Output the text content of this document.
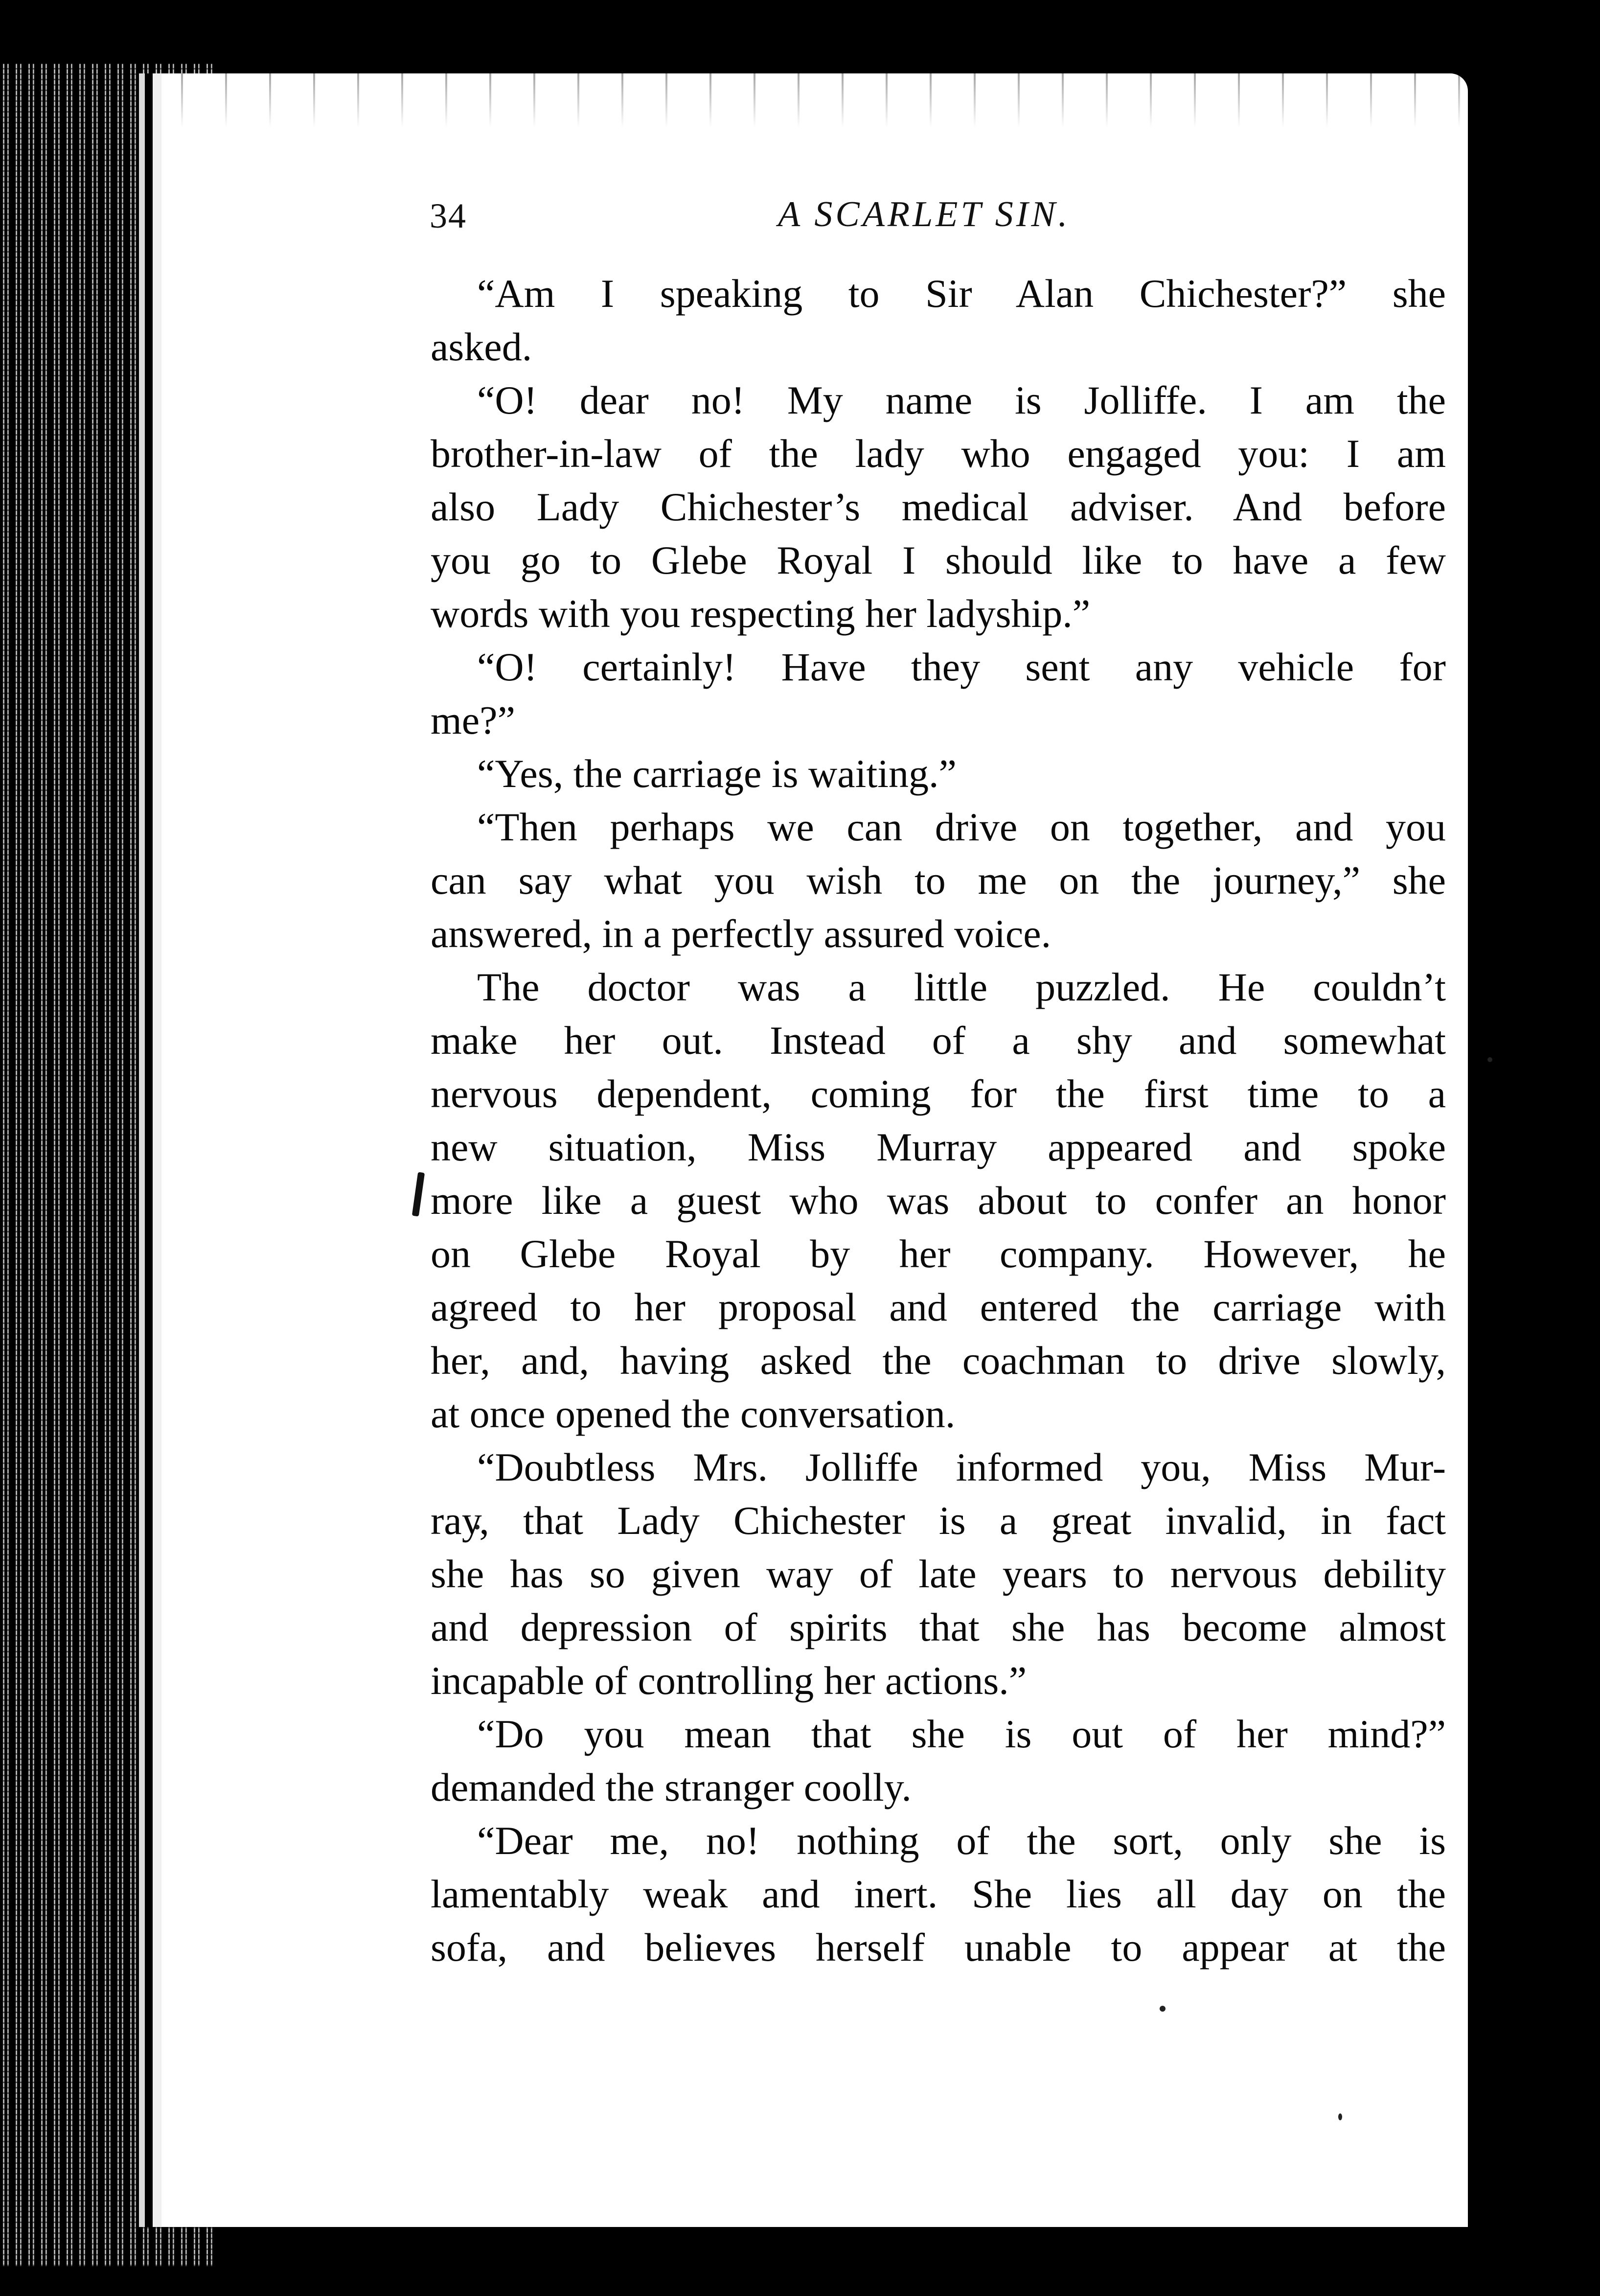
34	A SCARLET SIN.
“Am I speaking to Sir Alan Chichester?” she
asked.
“O! dear no! My name is Jolliffe. I am the
brother-in-law of the lady who engaged you: I am
also Lady Chichester’s medical adviser. And before
you go to Glebe Royal I should like to have a few
words with you respecting her ladyship.”
“O! certainly! Have they sent any vehicle for
me?”
“Yes, the carriage is waiting.”
“Then perhaps we can drive on together, and you
can say what you wish to me on the journey,” she
answered, in a perfectly assured voice.
The doctor was a little puzzled. He couldn’t
make her out. Instead of a shy and somewhat
nervous dependent, coming for the first time to a
new situation, Miss Murray appeared and spoke
more like a guest who was about to confer an honor
on Glebe Royal by her company. However, he
agreed to her proposal and entered the carriage with
her, and, having asked the coachman to drive slowly,
at once opened the conversation.
“Doubtless Mrs. Jolliffe informed you, Miss Mur-
ray, that Lady Chichester is a great invalid, in fact
she has so given way of late years to nervous debility
and depression of spirits that she has become almost
incapable of controlling her actions.”
“Do you mean that she is out of her mind?”
demanded the stranger coolly.
“Dear me, no! nothing of the sort, only she is
lamentably weak and inert. She lies all day on the
sofa, and believes herself unable to appear at the
